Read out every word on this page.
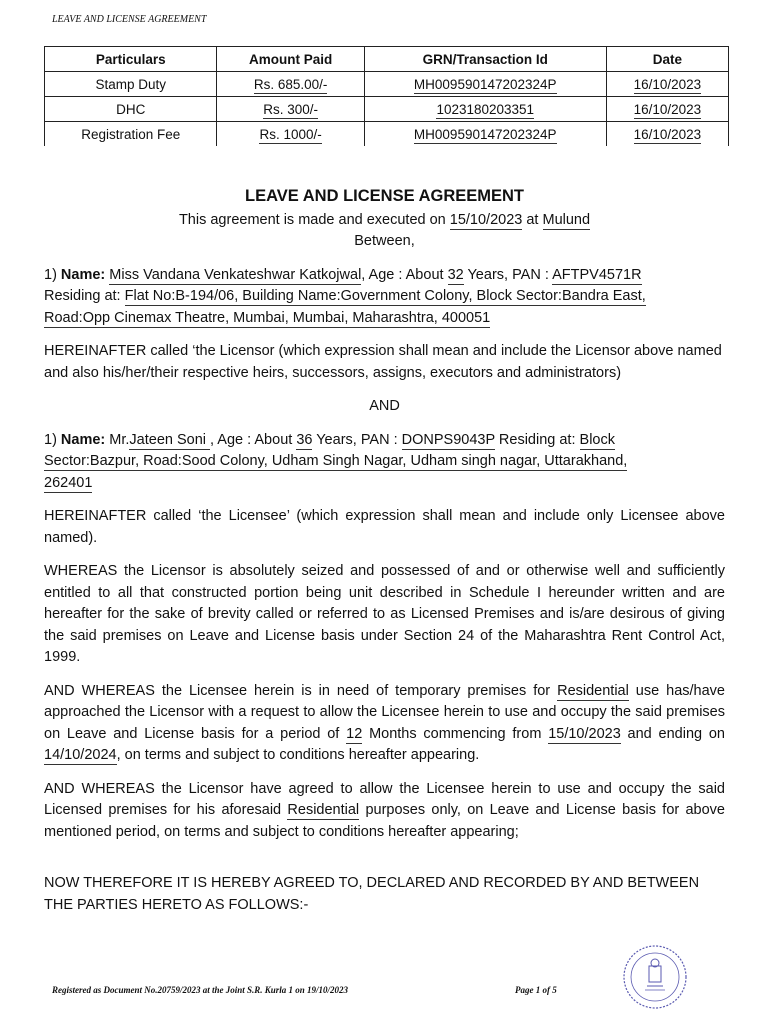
LEAVE AND LICENSE AGREEMENT
Particulars	Amount Paid	GRN/Transaction Id	Date
Stamp Duty	Rs. 685.00/-	MH009590147202324P	16/10/2023
DHC	Rs. 300/-	1023180203351	16/10/2023
Registration Fee	Rs. 1000/-	MH009590147202324P	16/10/2023
LEAVE AND LICENSE AGREEMENT

This agreement is made and executed on 15/10/2023 at Mulund

Between,

1) Name: Miss Vandana Venkateshwar Katkojwal, Age : About 32 Years, PAN : AFTPV4571R
Residing at: Flat No:B-194/06, Building Name:Government Colony, Block Sector:Bandra East,
Road:Opp Cinemax Theatre, Mumbai, Mumbai, Maharashtra, 400051

HEREINAFTER called ‘the Licensor (which expression shall mean and include the Licensor above named and also his/her/their respective heirs, successors, assigns, executors and administrators)

AND

1) Name: Mr.Jateen Soni , Age : About 36 Years, PAN : DONPS9043P Residing at: Block
Sector:Bazpur, Road:Sood Colony, Udham Singh Nagar, Udham singh nagar, Uttarakhand,
262401

HEREINAFTER called ‘the Licensee’ (which expression shall mean and include only Licensee above named).

WHEREAS the Licensor is absolutely seized and possessed of and or otherwise well and sufficiently entitled to all that constructed portion being unit described in Schedule I hereunder written and are hereafter for the sake of brevity called or referred to as Licensed Premises and is/are desirous of giving the said premises on Leave and License basis under Section 24 of the Maharashtra Rent Control Act, 1999.

AND WHEREAS the Licensee herein is in need of temporary premises for Residential use has/have approached the Licensor with a request to allow the Licensee herein to use and occupy the said premises on Leave and License basis for a period of 12 Months commencing from 15/10/2023 and ending on 14/10/2024, on terms and subject to conditions hereafter appearing.

AND WHEREAS the Licensor have agreed to allow the Licensee herein to use and occupy the said Licensed premises for his aforesaid Residential purposes only, on Leave and License basis for above mentioned period, on terms and subject to conditions hereafter appearing;

NOW THEREFORE IT IS HEREBY AGREED TO, DECLARED AND RECORDED BY AND BETWEEN THE PARTIES HERETO AS FOLLOWS:-

Registered as Document No.20759/2023 at the Joint S.R. Kurla 1 on 19/10/2023	Page 1 of 5
